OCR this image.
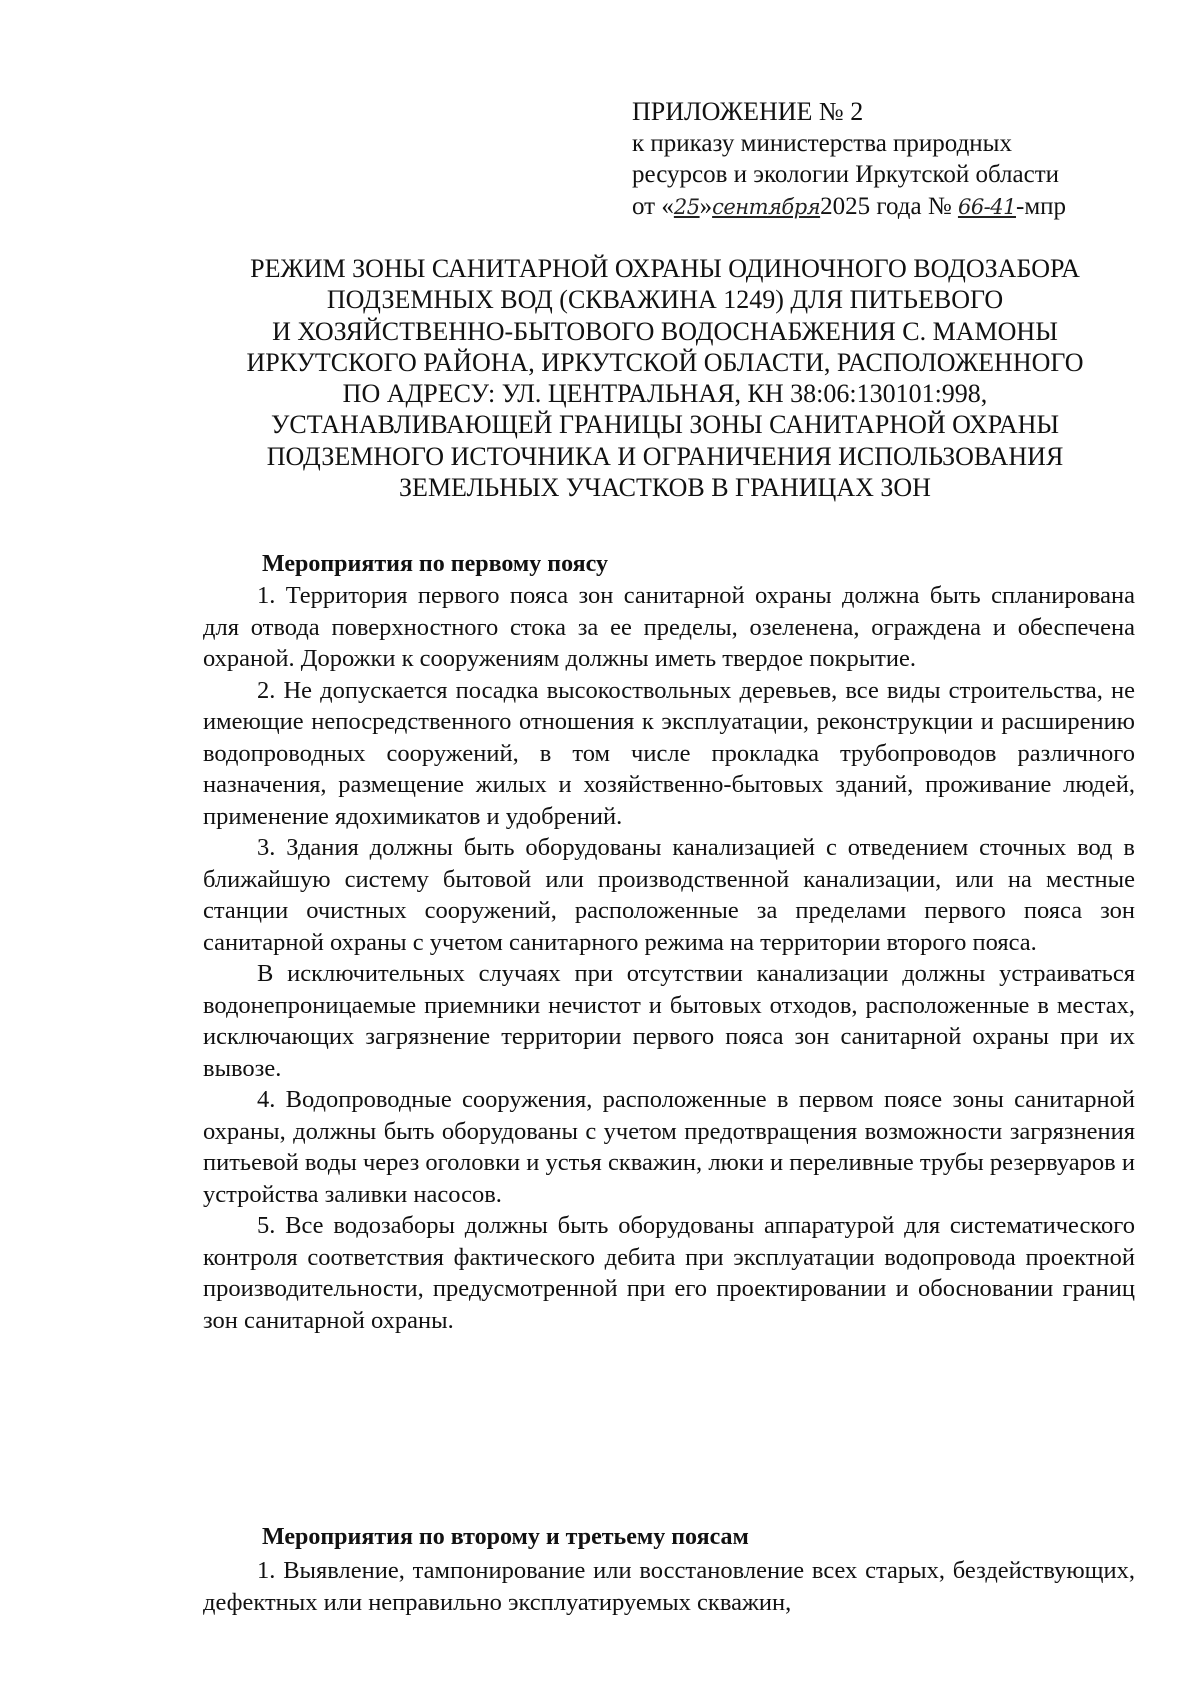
ПРИЛОЖЕНИЕ № 2
к приказу министерства природных
ресурсов и экологии Иркутской области
от «25»сентября2025 года № 66-41-мпр
РЕЖИМ ЗОНЫ САНИТАРНОЙ ОХРАНЫ ОДИНОЧНОГО ВОДОЗАБОРА
ПОДЗЕМНЫХ ВОД (СКВАЖИНА 1249) ДЛЯ ПИТЬЕВОГО
И ХОЗЯЙСТВЕННО-БЫТОВОГО ВОДОСНАБЖЕНИЯ С. МАМОНЫ
ИРКУТСКОГО РАЙОНА, ИРКУТСКОЙ ОБЛАСТИ, РАСПОЛОЖЕННОГО
ПО АДРЕСУ: УЛ. ЦЕНТРАЛЬНАЯ, КН 38:06:130101:998,
УСТАНАВЛИВАЮЩЕЙ ГРАНИЦЫ ЗОНЫ САНИТАРНОЙ ОХРАНЫ
ПОДЗЕМНОГО ИСТОЧНИКА И ОГРАНИЧЕНИЯ ИСПОЛЬЗОВАНИЯ
ЗЕМЕЛЬНЫХ УЧАСТКОВ В ГРАНИЦАХ ЗОН
Мероприятия по первому поясу

1. Территория первого пояса зон санитарной охраны должна быть спланирована для отвода поверхностного стока за ее пределы, озеленена, ограждена и обеспечена охраной. Дорожки к сооружениям должны иметь твердое покрытие.

2. Не допускается посадка высокоствольных деревьев, все виды строительства, не имеющие непосредственного отношения к эксплуатации, реконструкции и расширению водопроводных сооружений, в том числе прокладка трубопроводов различного назначения, размещение жилых и хозяйственно-бытовых зданий, проживание людей, применение ядохимикатов и удобрений.

3. Здания должны быть оборудованы канализацией с отведением сточных вод в ближайшую систему бытовой или производственной канализации, или на местные станции очистных сооружений, расположенные за пределами первого пояса зон санитарной охраны с учетом санитарного режима на территории второго пояса.

В исключительных случаях при отсутствии канализации должны устраиваться водонепроницаемые приемники нечистот и бытовых отходов, расположенные в местах, исключающих загрязнение территории первого пояса зон санитарной охраны при их вывозе.

4. Водопроводные сооружения, расположенные в первом поясе зоны санитарной охраны, должны быть оборудованы с учетом предотвращения возможности загрязнения питьевой воды через оголовки и устья скважин, люки и переливные трубы резервуаров и устройства заливки насосов.

5. Все водозаборы должны быть оборудованы аппаратурой для систематического контроля соответствия фактического дебита при эксплуатации водопровода проектной производительности, предусмотренной при его проектировании и обосновании границ зон санитарной охраны.

Мероприятия по второму и третьему поясам

1. Выявление, тампонирование или восстановление всех старых, бездействующих, дефектных или неправильно эксплуатируемых скважин,
